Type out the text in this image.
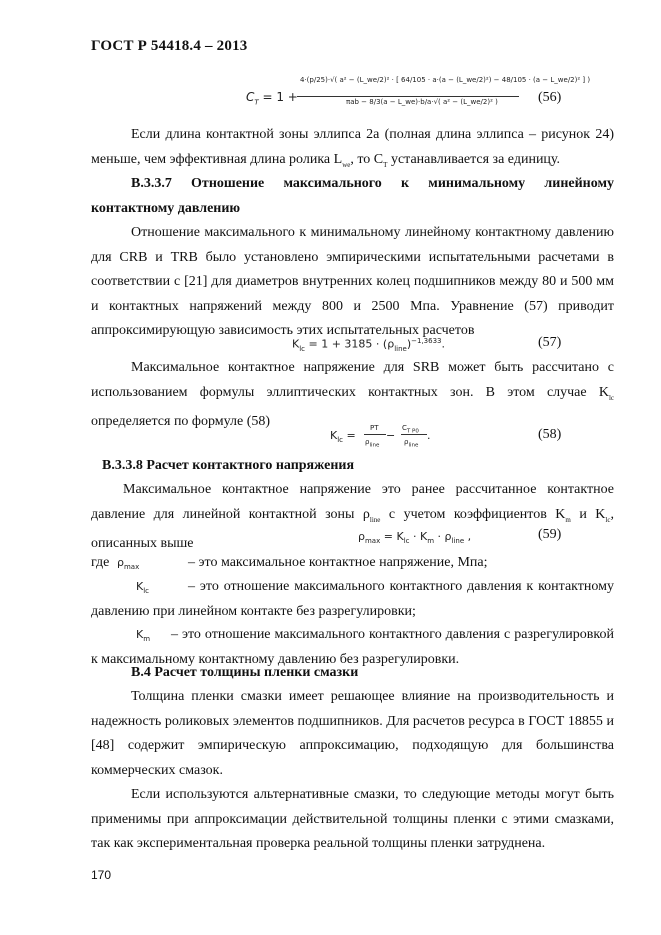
ГОСТ Р 54418.4 – 2013
$C_T = 1$ +
4·(p/25)·√( a² − (L_we/2)² · [ 64/105 · a·(a − (L_we/2)²) − 48/105 · (a − L_we/2)² ] )
πab − 8/3(a − L_we)·b/a·√( a² − (L_we/2)² )	(56)
Если длина контактной зоны эллипса 2a (полная длина эллипса – рисунок 24) меньше, чем эффективная длина ролика $L_{we}$, то $C_T$ устанавливается за единицу.
В.3.3.7 Отношение максимального к минимальному линейному контактному давлению
Отношение максимального к минимальному линейному контактному давлению для CRB и TRB было установлено эмпирическими испытательными расчетами в соответствии с [21] для диаметров внутренних колец подшипников между 80 и 500 мм и контактных напряжений между 800 и 2500 Мпа. Уравнение (57) приводит аппроксимирующую зависимость этих испытательных расчетов
$K_{lc} = 1 + 3185 \cdot (\rho_{line})^{-1,3633}$.	(57)
Максимальное контактное напряжение для SRB может быть рассчитано с использованием формулы эллиптических контактных зон. В этом случае $K_{lc}$ определяется по формуле (58)
$K_{lc}$ =
PT
$\rho_{line}$
−
$C_{T P0}$
$\rho_{line}$
.	(58)
В.3.3.8 Расчет контактного напряжения
Максимальное контактное напряжение это ранее рассчитанное контактное давление для линейной контактной зоны $\rho_{line}$ с учетом коэффициентов $K_m$ и $K_{lc}$, описанных выше	$\rho_{max} = K_{lc} \cdot K_m \cdot \rho_{line}$ ,	(59)
где $\rho_{max}$	– это максимальное контактное напряжение, Мпа;
$K_{lc}$	– это отношение максимального контактного давления к контактному давлению при линейном контакте без разрегулировки;
$K_m$	– это отношение максимального контактного давления с разрегулировкой к максимальному контактному давлению без разрегулировки.
В.4 Расчет толщины пленки смазки
Толщина пленки смазки имеет решающее влияние на производительность и надежность роликовых элементов подшипников. Для расчетов ресурса в ГОСТ 18855 и [48] содержит эмпирическую аппроксимацию, подходящую для большинства коммерческих смазок.
Если используются альтернативные смазки, то следующие методы могут быть применимы при аппроксимации действительной толщины пленки с этими смазками, так как экспериментальная проверка реальной толщины пленки затруднена.
170
